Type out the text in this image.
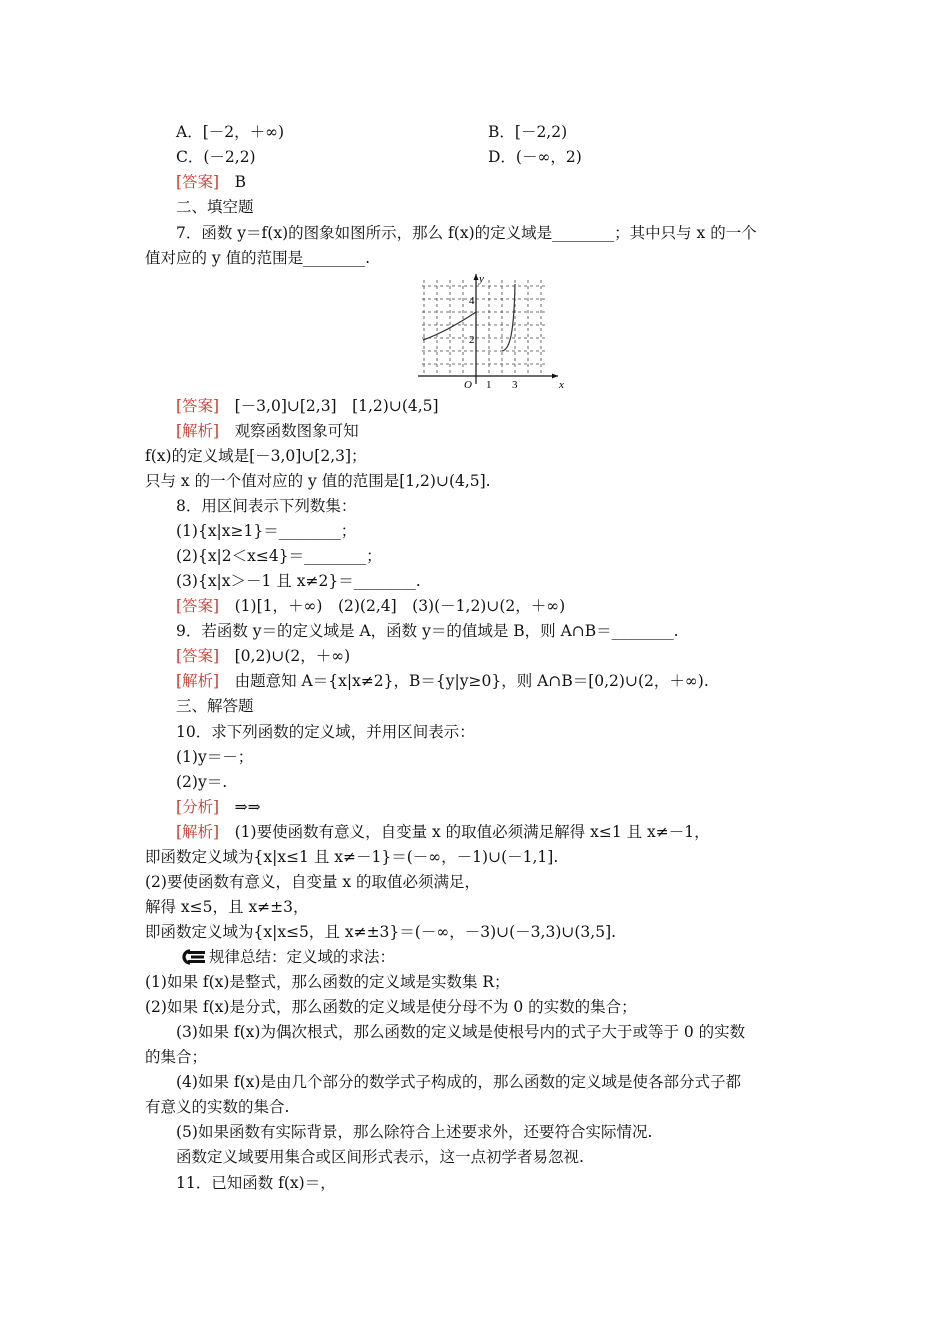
A．[－2，＋∞)	B．[－2,2)
C．(－2,2)	D．(－∞，2)
[答案]　 B
二、填空题
7．函数 y＝f(x)的图象如图所示，那么 f(x)的定义域是________；其中只与 x 的一个
值对应的 y 值的范围是________.
y
x
O
4
2
1 3
[答案]　 [－3,0]∪[2,3]　[1,2)∪(4,5]
[解析]　 观察函数图象可知
f(x)的定义域是[－3,0]∪[2,3]；
只与 x 的一个值对应的 y 值的范围是[1,2)∪(4,5].
8．用区间表示下列数集：
(1){x|x≥1}＝________；
(2){x|2＜x≤4}＝________；
(3){x|x＞－1 且 x≠2}＝________.
[答案]　 (1)[1，＋∞)　(2)(2,4]　(3)(－1,2)∪(2，＋∞)
9．若函数 y＝的定义域是 A，函数 y＝的值域是 B，则 A∩B＝________.
[答案]　 [0,2)∪(2，＋∞)
[解析]　 由题意知 A＝{x|x≠2}，B＝{y|y≥0}，则 A∩B＝[0,2)∪(2，＋∞).
三、解答题
10．求下列函数的定义域，并用区间表示：
(1)y＝－；
(2)y＝.
[分析]　 ⇒⇒
[解析]　 (1)要使函数有意义，自变量 x 的取值必须满足解得 x≤1 且 x≠－1，
即函数定义域为{x|x≤1 且 x≠－1}＝(－∞，－1)∪(－1,1].
(2)要使函数有意义，自变量 x 的取值必须满足，
解得 x≤5，且 x≠±3，
即函数定义域为{x|x≤5，且 x≠±3}＝(－∞，－3)∪(－3,3)∪(3,5].
规律总结：定义域的求法：
(1)如果 f(x)是整式，那么函数的定义域是实数集 R；
(2)如果 f(x)是分式，那么函数的定义域是使分母不为 0 的实数的集合；
(3)如果 f(x)为偶次根式，那么函数的定义域是使根号内的式子大于或等于 0 的实数
的集合；
(4)如果 f(x)是由几个部分的数学式子构成的，那么函数的定义域是使各部分式子都
有意义的实数的集合.
(5)如果函数有实际背景，那么除符合上述要求外，还要符合实际情况.
函数定义域要用集合或区间形式表示，这一点初学者易忽视.
11．已知函数 f(x)＝，
